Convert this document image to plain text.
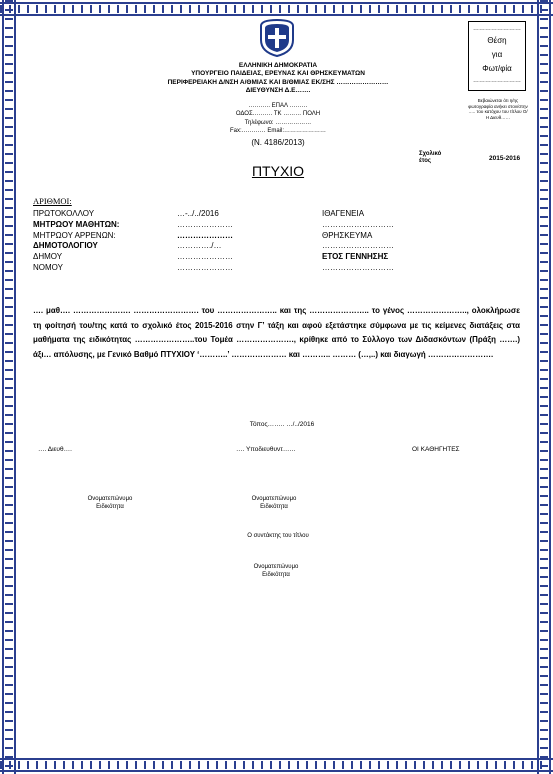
ΕΛΛΗΝΙΚΗ ΔΗΜΟΚΡΑΤΙΑ
ΥΠΟΥΡΓΕΙΟ ΠΑΙΔΕΙΑΣ, ΕΡΕΥΝΑΣ ΚΑΙ ΘΡΗΣΚΕΥΜΑΤΩΝ
ΠΕΡΙΦΕΡΕΙΑΚΗ Δ/ΝΣΗ Α/ΘΜΙΑΣ ΚΑΙ Β/ΘΜΙΑΣ ΕΚ/ΣΗΣ ……………………
ΔΙΕΥΘΥΝΣΗ Δ.Ε…….
……….. ΕΠΑΛ ………
ΟΔΟΣ………. ΤΚ ……… ΠΟΛΗ
Τηλέφωνο: ………………
Fax:………… Email:…………………
(Ν. 4186/2013)
……………………
Θέση
για
Φωτ/φία
……………………
Βεβαιώνεται ότι η/ης φωτογραφία ανήκει στον/στην ….. του κατόχου του τίτλου Ο/Η Διευθ……
Σχολικό
έτος	2015-2016
ΠΤΥΧΙΟ
ΑΡΙΘΜΟΙ:
ΠΡΩΤΟΚΟΛΛΟΥ	…-../../2016	ΙΘΑΓΕΝΕΙΑ
ΜΗΤΡΩΟΥ ΜΑΘΗΤΩΝ:	…………………	………………………
ΜΗΤΡΩΟΥ ΑΡΡΕΝΩΝ:	…………………	ΘΡΗΣΚΕΥΜΑ
ΔΗΜΟΤΟΛΟΓΙΟΥ	…………./…	………………………
ΔΗΜΟΥ	…………………	ΕΤΟΣ ΓΕΝΝΗΣΗΣ
ΝΟΜΟΥ	…………………	………………………
…. μαθ…. …………………. ……………………. του ………………….. και της ………………….. το γένος ………………….., ολοκλήρωσε τη φοίτησή του/της κατά το σχολικό έτος 2015-2016 στην Γ’ τάξη και αφού εξετάστηκε σύμφωνα με τις κείμενες διατάξεις στα μαθήματα της ειδικότητας …………………..του Τομέα …………………., κρίθηκε από το Σύλλογο των Διδασκόντων (Πράξη …….) άξι… απόλυσης, με Γενικό Βαθμό ΠΤΥΧΙΟΥ ‘………..’ ………………… και ……….. ……… (…,..) και διαγωγή …………………….
Τόπος…….. …/../2016
…. Διευθ….	…. Υποδιευθυντ……	ΟΙ ΚΑΘΗΓΗΤΕΣ
Ονοματεπώνυμο
Ειδικότητα
Ονοματεπώνυμο
Ειδικότητα
Ο συντάκτης του τίτλου
Ονοματεπώνυμο
Ειδικότητα
